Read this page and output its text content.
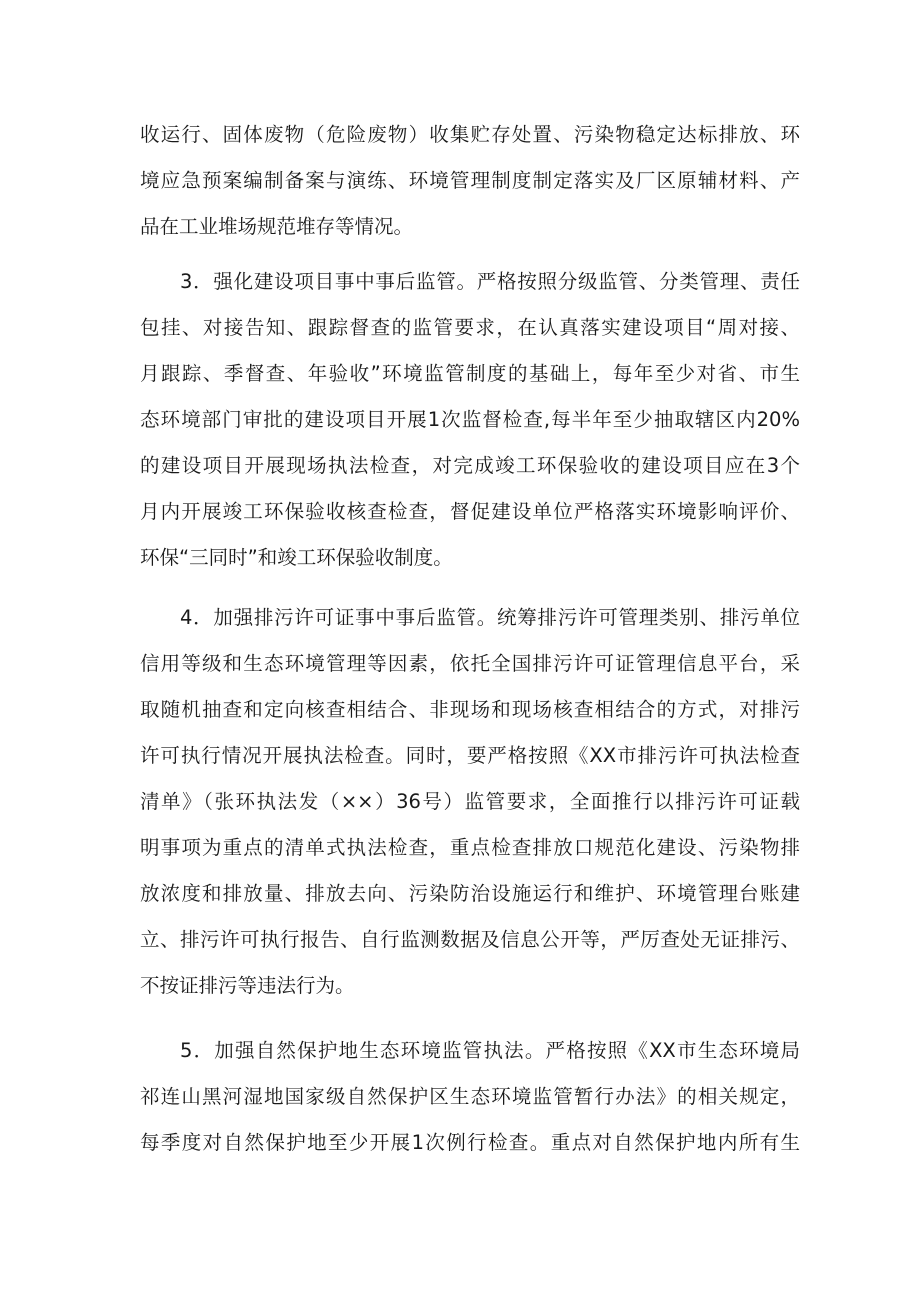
收运行、固体废物（危险废物）收集贮存处置、污染物稳定达标排放、环
境应急预案编制备案与演练、环境管理制度制定落实及厂区原辅材料、产
品在工业堆场规范堆存等情况。
3．强化建设项目事中事后监管。严格按照分级监管、分类管理、责任
包挂、对接告知、跟踪督查的监管要求，在认真落实建设项目“周对接、
月跟踪、季督查、年验收”环境监管制度的基础上，每年至少对省、市生
态环境部门审批的建设项目开展1次监督检查,每半年至少抽取辖区内20%
的建设项目开展现场执法检查，对完成竣工环保验收的建设项目应在3个
月内开展竣工环保验收核查检查，督促建设单位严格落实环境影响评价、
环保“三同时”和竣工环保验收制度。
4．加强排污许可证事中事后监管。统筹排污许可管理类别、排污单位
信用等级和生态环境管理等因素，依托全国排污许可证管理信息平台，采
取随机抽查和定向核查相结合、非现场和现场核查相结合的方式，对排污
许可执行情况开展执法检查。同时，要严格按照《XX市排污许可执法检查
清单》（张环执法发（××）36号）监管要求，全面推行以排污许可证载
明事项为重点的清单式执法检查，重点检查排放口规范化建设、污染物排
放浓度和排放量、排放去向、污染防治设施运行和维护、环境管理台账建
立、排污许可执行报告、自行监测数据及信息公开等，严厉查处无证排污、
不按证排污等违法行为。
5．加强自然保护地生态环境监管执法。严格按照《XX市生态环境局
祁连山黑河湿地国家级自然保护区生态环境监管暂行办法》的相关规定，
每季度对自然保护地至少开展1次例行检查。重点对自然保护地内所有生
